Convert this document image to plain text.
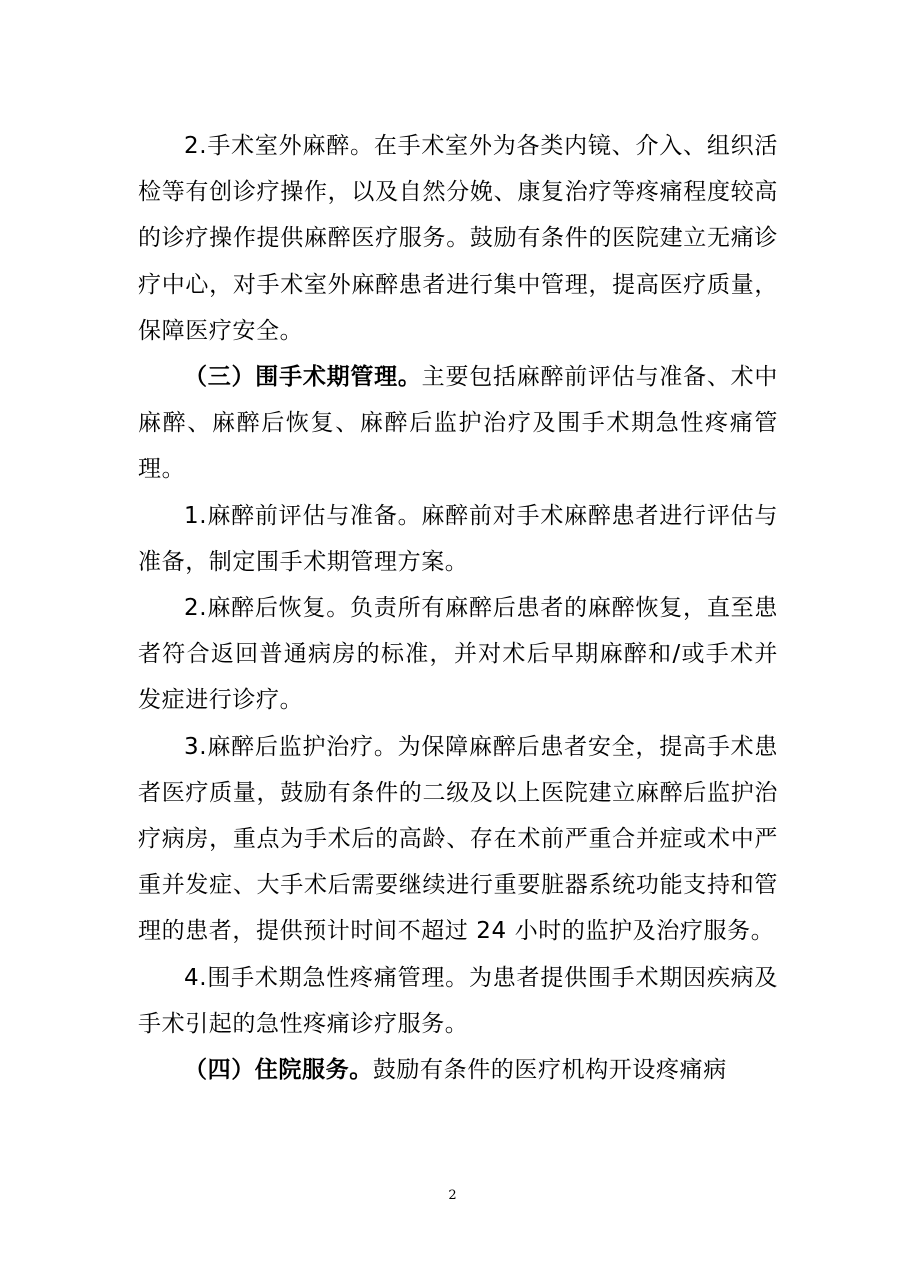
2.手术室外麻醉。在手术室外为各类内镜、介入、组织活检等有创诊疗操作，以及自然分娩、康复治疗等疼痛程度较高的诊疗操作提供麻醉医疗服务。鼓励有条件的医院建立无痛诊疗中心，对手术室外麻醉患者进行集中管理，提高医疗质量，保障医疗安全。

（三）围手术期管理。主要包括麻醉前评估与准备、术中麻醉、麻醉后恢复、麻醉后监护治疗及围手术期急性疼痛管理。

1.麻醉前评估与准备。麻醉前对手术麻醉患者进行评估与准备，制定围手术期管理方案。

2.麻醉后恢复。负责所有麻醉后患者的麻醉恢复，直至患者符合返回普通病房的标准，并对术后早期麻醉和/或手术并发症进行诊疗。

3.麻醉后监护治疗。为保障麻醉后患者安全，提高手术患者医疗质量，鼓励有条件的二级及以上医院建立麻醉后监护治疗病房，重点为手术后的高龄、存在术前严重合并症或术中严重并发症、大手术后需要继续进行重要脏器系统功能支持和管理的患者，提供预计时间不超过 24 小时的监护及治疗服务。

4.围手术期急性疼痛管理。为患者提供围手术期因疾病及手术引起的急性疼痛诊疗服务。

（四）住院服务。鼓励有条件的医疗机构开设疼痛病

2
